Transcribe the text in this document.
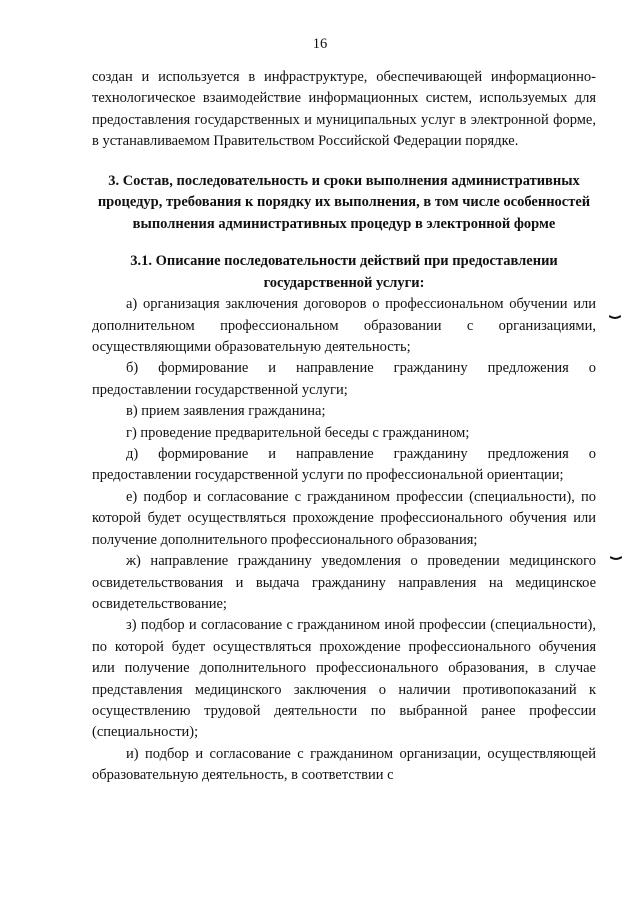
16

создан и используется в инфраструктуре, обеспечивающей информационно-технологическое взаимодействие информационных систем, используемых для предоставления государственных и муниципальных услуг в электронной форме, в устанавливаемом Правительством Российской Федерации порядке.

3. Состав, последовательность и сроки выполнения административных процедур, требования к порядку их выполнения, в том числе особенностей выполнения административных процедур в электронной форме
3.1. Описание последовательности действий при предоставлении государственной услуги:

а) организация заключения договоров о профессиональном обучении или дополнительном профессиональном образовании с организациями, осуществляющими образовательную деятельность;

б) формирование и направление гражданину предложения о предоставлении государственной услуги;

в) прием заявления гражданина;

г) проведение предварительной беседы с гражданином;

д) формирование и направление гражданину предложения о предоставлении государственной услуги по профессиональной ориентации;

е) подбор и согласование с гражданином профессии (специальности), по которой будет осуществляться прохождение профессионального обучения или получение дополнительного профессионального образования;

ж) направление гражданину уведомления о проведении медицинского освидетельствования и выдача гражданину направления на медицинское освидетельствование;

з) подбор и согласование с гражданином иной профессии (специальности), по которой будет осуществляться прохождение профессионального обучения или получение дополнительного профессионального образования, в случае представления медицинского заключения о наличии противопоказаний к осуществлению трудовой деятельности по выбранной ранее профессии (специальности);

и) подбор и согласование с гражданином организации, осуществляющей образовательную деятельность, в соответствии с
